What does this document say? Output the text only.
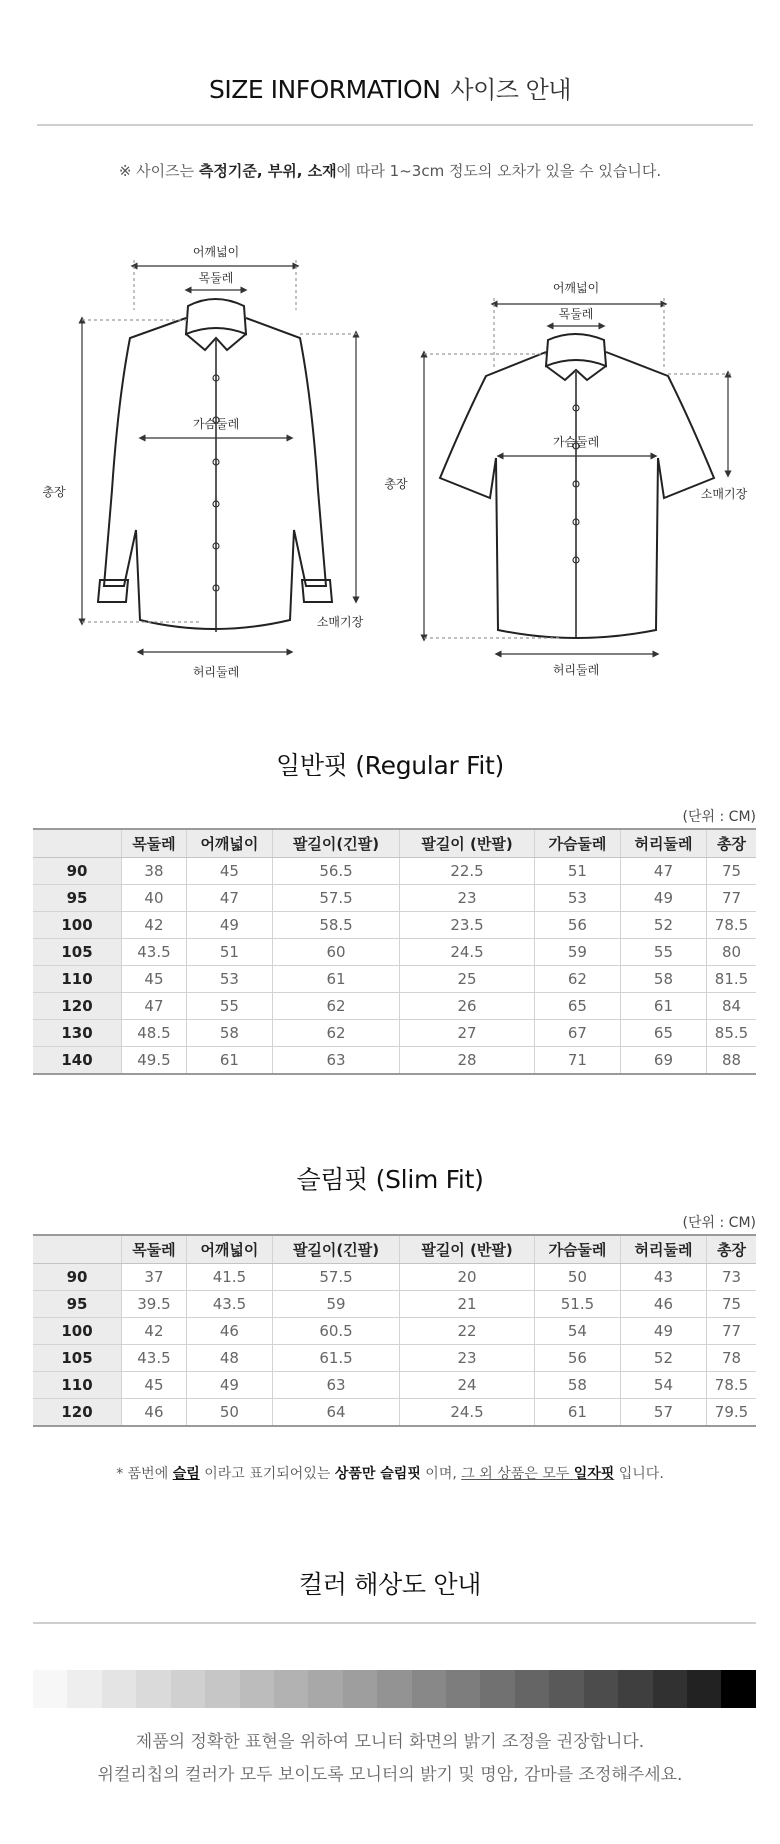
SIZE INFORMATION 사이즈 안내
※ 사이즈는 측정기준, 부위, 소재에 따라 1~3cm 정도의 오차가 있을 수 있습니다.
어깨넓이
목둘레
가슴둘레
총장
소매기장
허리둘레
어깨넓이
목둘레
가슴둘레
총장
소매기장
허리둘레
일반핏 (Regular Fit)
(단위 : CM)
	목둘레	어깨넓이	팔길이(긴팔)	팔길이 (반팔)	가슴둘레	허리둘레	총장
90	38	45	56.5	22.5	51	47	75
95	40	47	57.5	23	53	49	77
100	42	49	58.5	23.5	56	52	78.5
105	43.5	51	60	24.5	59	55	80
110	45	53	61	25	62	58	81.5
120	47	55	62	26	65	61	84
130	48.5	58	62	27	67	65	85.5
140	49.5	61	63	28	71	69	88
슬림핏 (Slim Fit)
(단위 : CM)
	목둘레	어깨넓이	팔길이(긴팔)	팔길이 (반팔)	가슴둘레	허리둘레	총장
90	37	41.5	57.5	20	50	43	73
95	39.5	43.5	59	21	51.5	46	75
100	42	46	60.5	22	54	49	77
105	43.5	48	61.5	23	56	52	78
110	45	49	63	24	58	54	78.5
120	46	50	64	24.5	61	57	79.5
* 품번에 슬림 이라고 표기되어있는 상품만 슬림핏 이며, 그 외 상품은 모두 일자핏 입니다.
컬러 해상도 안내
제품의 정확한 표현을 위하여 모니터 화면의 밝기 조정을 권장합니다.
위컬리칩의 컬러가 모두 보이도록 모니터의 밝기 및 명암, 감마를 조정해주세요.
